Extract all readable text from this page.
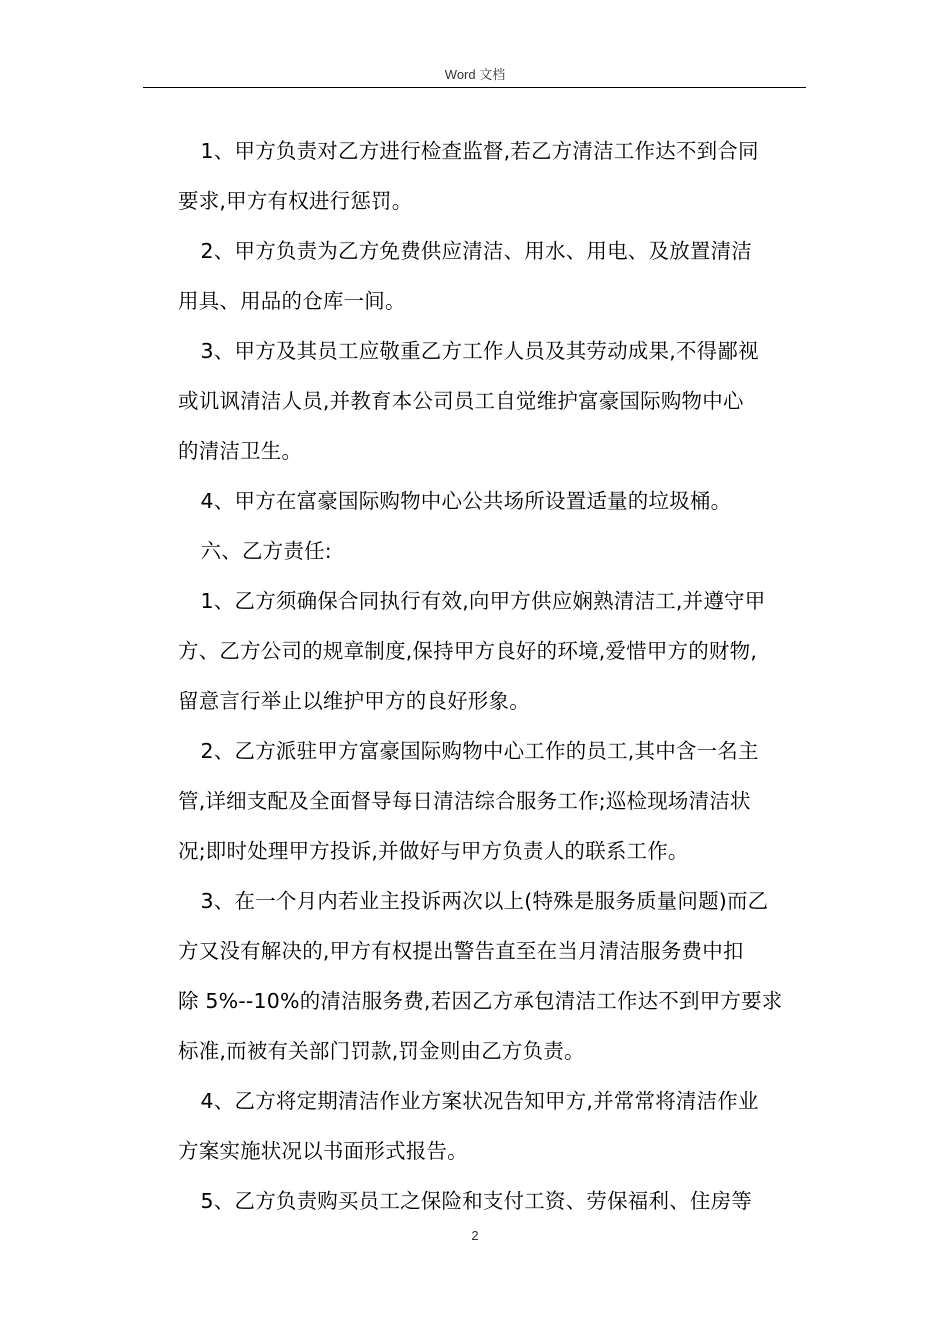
Word 文档

1、甲方负责对乙方进行检查监督,若乙方清洁工作达不到合同
要求,甲方有权进行惩罚。

2、甲方负责为乙方免费供应清洁、用水、用电、及放置清洁
用具、用品的仓库一间。

3、甲方及其员工应敬重乙方工作人员及其劳动成果,不得鄙视
或讥讽清洁人员,并教育本公司员工自觉维护富豪国际购物中心
的清洁卫生。

4、甲方在富豪国际购物中心公共场所设置适量的垃圾桶。

六、乙方责任:

1、乙方须确保合同执行有效,向甲方供应娴熟清洁工,并遵守甲
方、乙方公司的规章制度,保持甲方良好的环境,爱惜甲方的财物,
留意言行举止以维护甲方的良好形象。

2、乙方派驻甲方富豪国际购物中心工作的员工,其中含一名主
管,详细支配及全面督导每日清洁综合服务工作;巡检现场清洁状
况;即时处理甲方投诉,并做好与甲方负责人的联系工作。

3、在一个月内若业主投诉两次以上(特殊是服务质量问题)而乙
方又没有解决的,甲方有权提出警告直至在当月清洁服务费中扣
除 5%--10%的清洁服务费,若因乙方承包清洁工作达不到甲方要求
标准,而被有关部门罚款,罚金则由乙方负责。

4、乙方将定期清洁作业方案状况告知甲方,并常常将清洁作业
方案实施状况以书面形式报告。

5、乙方负责购买员工之保险和支付工资、劳保福利、住房等

2
